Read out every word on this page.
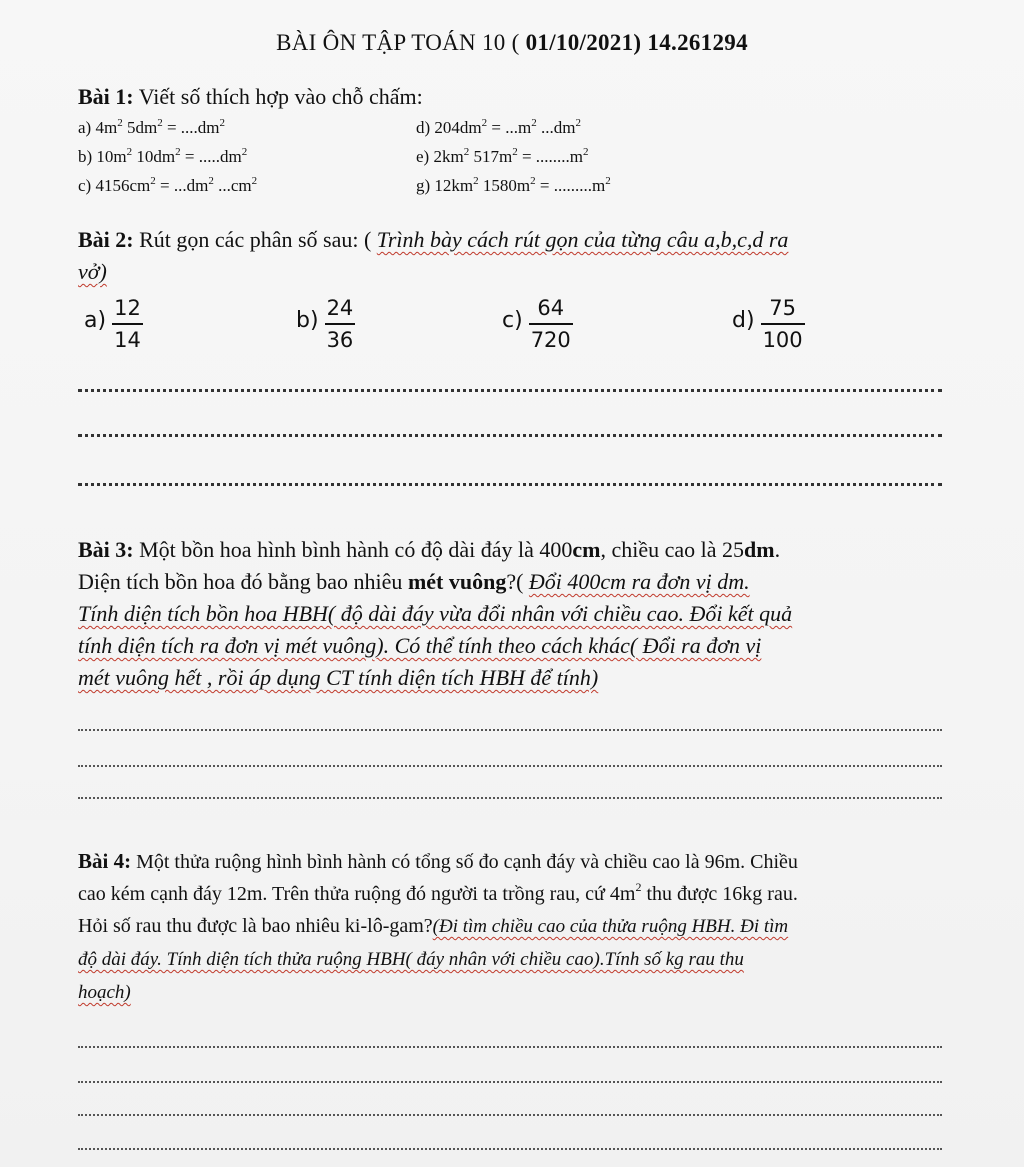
BÀI ÔN TẬP TOÁN 10 ( 01/10/2021) 14.261294
Bài 1: Viết số thích hợp vào chỗ chấm:
a) $4m^2$ $5dm^2 = ....dm^2$
b) $10m^2$ $10dm^2 = .....dm^2$
c) $4156cm^2 = ...dm^2$ $...cm^2$
d) $204dm^2 = ...m^2$ $...dm^2$
e) $2km^2$ $517m^2 = ........m^2$
g) $12km^2$ $1580m^2 = .........m^2$
Bài 2: Rút gọn các phân số sau: ( Trình bày cách rút gọn của từng câu a,b,c,d ra
vở)
$a) \frac{12}{14}$	$b) \frac{24}{36}$	$c) \frac{64}{720}$	$d) \frac{75}{100}$
Bài 3: Một bồn hoa hình bình hành có độ dài đáy là 400cm, chiều cao là 25dm.
Diện tích bồn hoa đó bằng bao nhiêu mét vuông?( Đổi 400cm ra đơn vị dm.
Tính diện tích bồn hoa HBH( độ dài đáy vừa đổi nhân với chiều cao. Đổi kết quả
tính diện tích ra đơn vị mét vuông). Có thể tính theo cách khác( Đổi ra đơn vị
mét vuông hết , rồi áp dụng CT tính diện tích HBH để tính)
Bài 4: Một thửa ruộng hình bình hành có tổng số đo cạnh đáy và chiều cao là 96m. Chiều
cao kém cạnh đáy 12m. Trên thửa ruộng đó người ta trồng rau, cứ $4m^2$ thu được 16kg rau.
Hỏi số rau thu được là bao nhiêu ki-lô-gam?(Đi tìm chiều cao của thửa ruộng HBH. Đi tìm
độ dài đáy. Tính diện tích thửa ruộng HBH( đáy nhân với chiều cao).Tính số kg rau thu
hoạch)
